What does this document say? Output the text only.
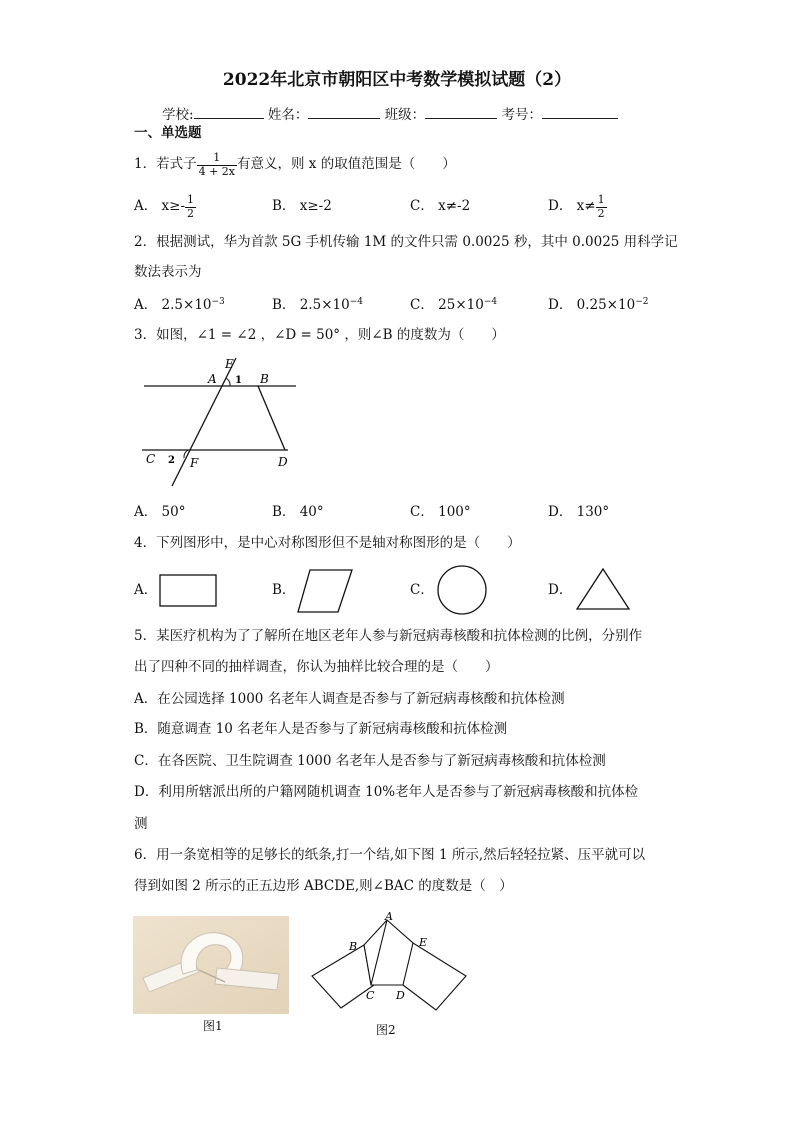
2022年北京市朝阳区中考数学模拟试题（2）
学校:	姓名：	班级：	考号：
一、单选题
1．若式子 $\frac{1}{4 + 2x}$ 有意义，则 x 的取值范围是（　　）
A．
$x\ge- \frac{1}{2}$	B． x≥-2	C． x≠-2	D．
$x\ne \frac{1}{2}$
2．根据测试，华为首款 5G 手机传输 1M 的文件只需 0.0025 秒，其中 0.0025 用科学记
数法表示为
A． $2.5\times 10^{-3}$	B． $2.5\times 10^{-4}$	C． $25\times 10^{-4}$	D． $0.25\times 10^{-2}$
3．如图，∠1 = ∠2 ，∠D = 50° ，则∠B 的度数为（　　）
E
A 1 B
C 2 F	D
A． 50°	B． 40°	C． 100°	D． 130°
4．下列图形中，是中心对称图形但不是轴对称图形的是（　　）
A．	B．	C．	D．
5．某医疗机构为了了解所在地区老年人参与新冠病毒核酸和抗体检测的比例，分别作
出了四种不同的抽样调查，你认为抽样比较合理的是（　　）
A．在公园选择 1000 名老年人调查是否参与了新冠病毒核酸和抗体检测
B．随意调查 10 名老年人是否参与了新冠病毒核酸和抗体检测
C．在各医院、卫生院调查 1000 名老年人是否参与了新冠病毒核酸和抗体检测
D．利用所辖派出所的户籍网随机调查 10%老年人是否参与了新冠病毒核酸和抗体检
测
6．用一条宽相等的足够长的纸条,打一个结,如下图 1 所示,然后轻轻拉紧、压平就可以
得到如图 2 所示的正五边形 ABCDE,则∠BAC 的度数是（　）
图1
A
B
C D
E
图2
